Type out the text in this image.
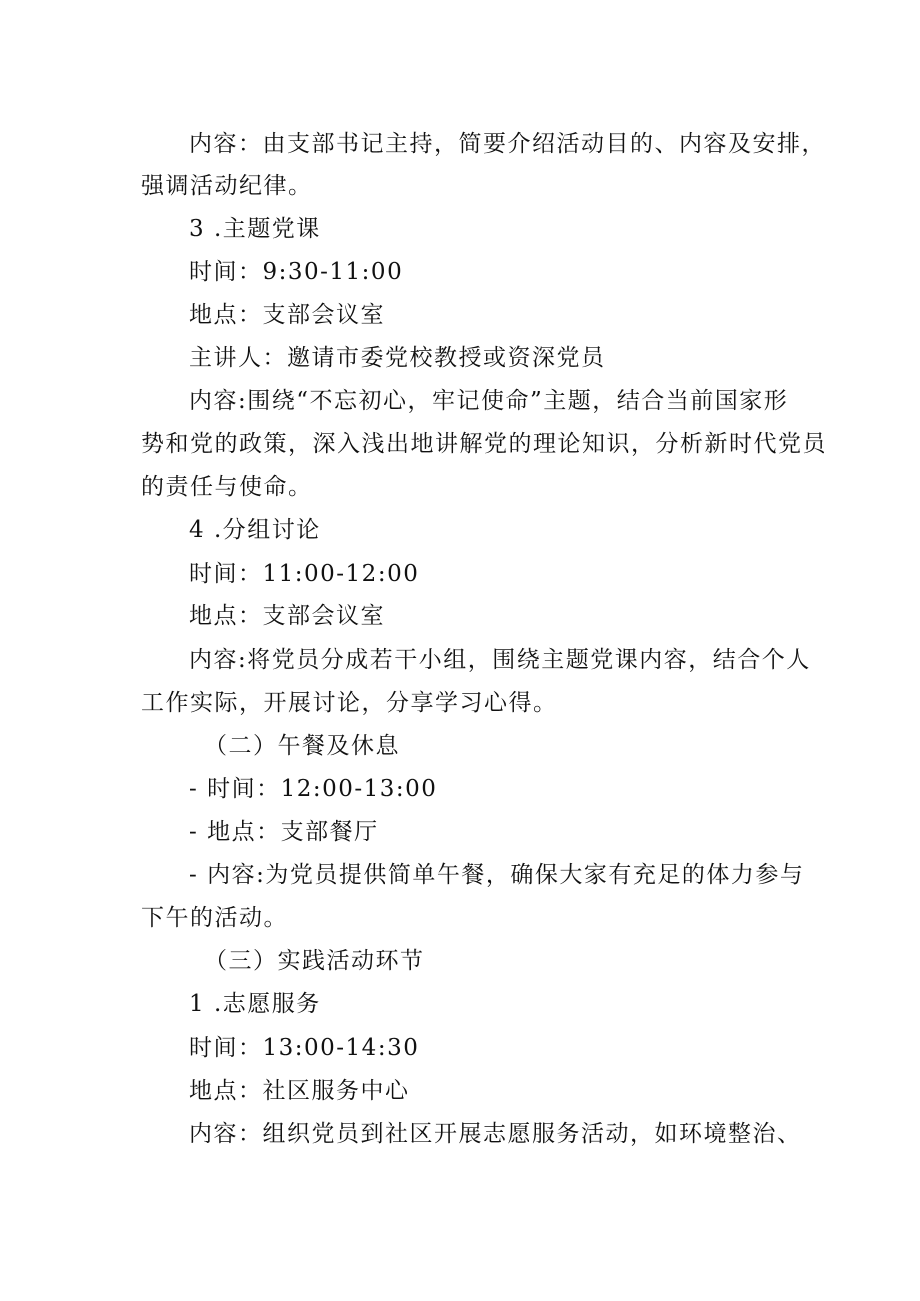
内容：由支部书记主持，简要介绍活动目的、内容及安排，
强调活动纪律。
3 .主题党课
时间：9:30-11:00
地点：支部会议室
主讲人：邀请市委党校教授或资深党员
内容:围绕“不忘初心，牢记使命”主题，结合当前国家形
势和党的政策，深入浅出地讲解党的理论知识，分析新时代党员
的责任与使命。
4 .分组讨论
时间：11:00-12:00
地点：支部会议室
内容:将党员分成若干小组，围绕主题党课内容，结合个人
工作实际，开展讨论，分享学习心得。
（二）午餐及休息
- 时间：12:00-13:00
- 地点：支部餐厅
- 内容:为党员提供简单午餐，确保大家有充足的体力参与
下午的活动。
（三）实践活动环节
1 .志愿服务
时间：13:00-14:30
地点：社区服务中心
内容：组织党员到社区开展志愿服务活动，如环境整治、
